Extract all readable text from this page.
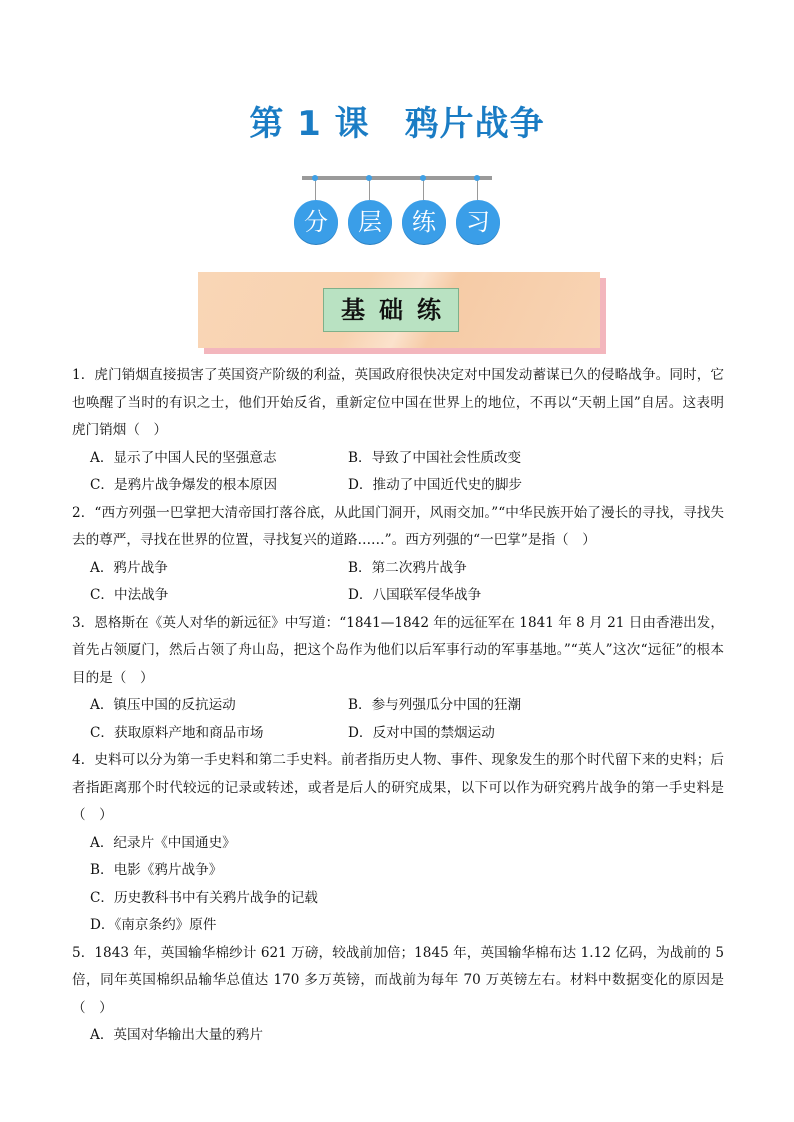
第 1 课　鸦片战争
分	层	练	习
基础练

1．虎门销烟直接损害了英国资产阶级的利益，英国政府很快决定对中国发动蓄谋已久的侵略战争。同时，它也唤醒了当时的有识之士，他们开始反省，重新定位中国在世界上的地位，不再以“天朝上国”自居。这表明虎门销烟（　）

A．显示了中国人民的坚强意志	B．导致了中国社会性质改变
C．是鸦片战争爆发的根本原因	D．推动了中国近代史的脚步

2．“西方列强一巴掌把大清帝国打落谷底，从此国门洞开，风雨交加。”“中华民族开始了漫长的寻找，寻找失去的尊严，寻找在世界的位置，寻找复兴的道路……”。西方列强的“一巴掌”是指（　）

A．鸦片战争	B．第二次鸦片战争
C．中法战争	D．八国联军侵华战争

3．恩格斯在《英人对华的新远征》中写道：“1841—1842 年的远征军在 1841 年 8 月 21 日由香港出发，首先占领厦门，然后占领了舟山岛，把这个岛作为他们以后军事行动的军事基地。”“英人”这次“远征”的根本目的是（　）

A．镇压中国的反抗运动	B．参与列强瓜分中国的狂潮
C．获取原料产地和商品市场	D．反对中国的禁烟运动

4．史料可以分为第一手史料和第二手史料。前者指历史人物、事件、现象发生的那个时代留下来的史料；后者指距离那个时代较远的记录或转述，或者是后人的研究成果，以下可以作为研究鸦片战争的第一手史料是（　）

A．纪录片《中国通史》
B．电影《鸦片战争》
C．历史教科书中有关鸦片战争的记载
D．《南京条约》原件

5．1843 年，英国输华棉纱计 621 万磅，较战前加倍；1845 年，英国输华棉布达 1.12 亿码，为战前的 5 倍，同年英国棉织品输华总值达 170 多万英镑，而战前为每年 70 万英镑左右。材料中数据变化的原因是（　）

A．英国对华输出大量的鸦片
